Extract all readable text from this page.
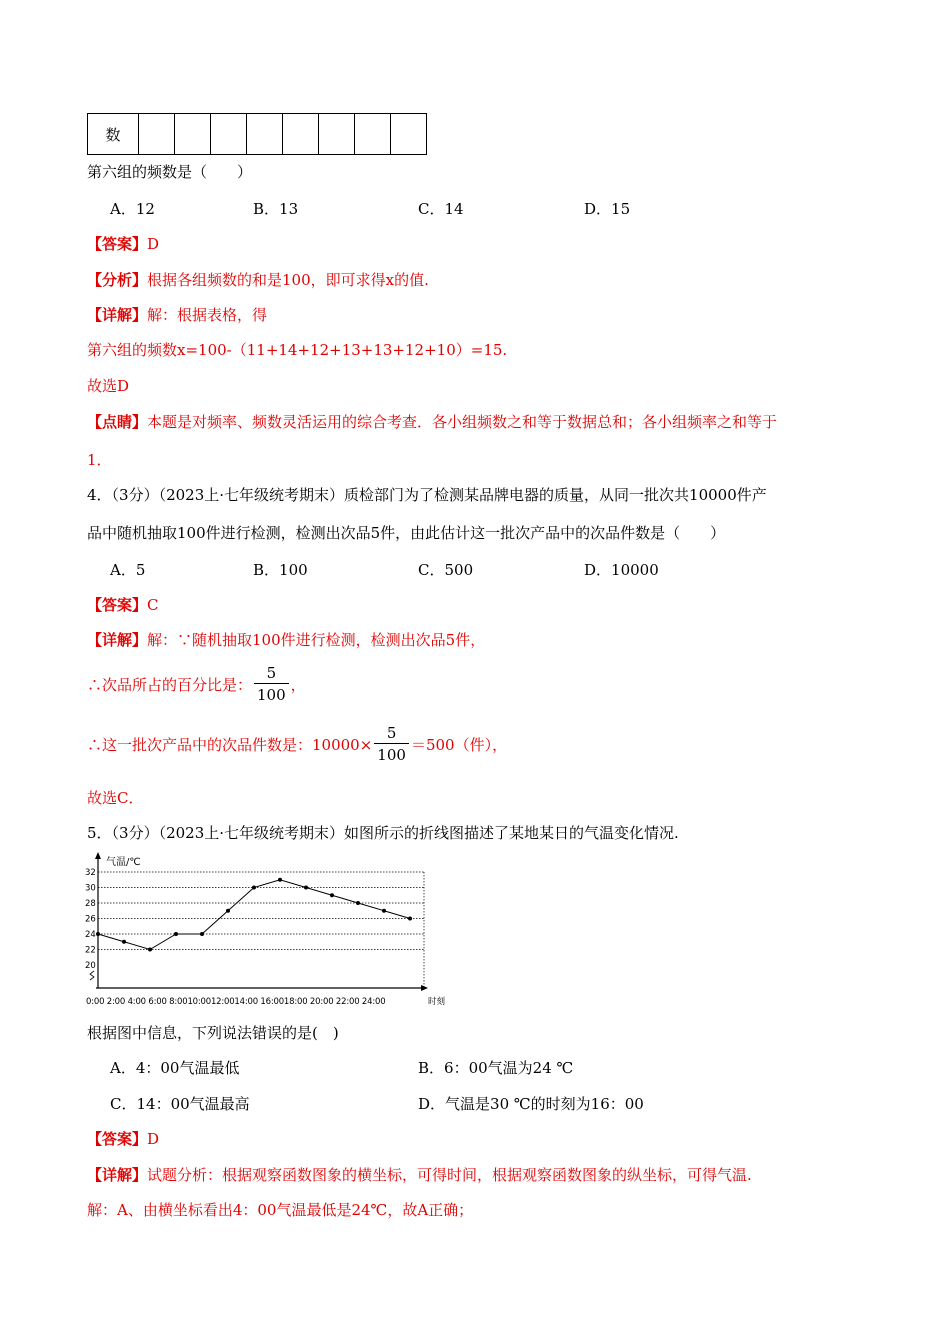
数								
第六组的频数是（　　）
A．12	B．13	C．14	D．15
【答案】D
【分析】根据各组频数的和是100，即可求得x的值.
【详解】解：根据表格，得
第六组的频数x=100-（11+14+12+13+13+12+10）=15.
故选D
【点睛】本题是对频率、频数灵活运用的综合考查．各小组频数之和等于数据总和；各小组频率之和等于
1．
4．（3分）（2023上·七年级统考期末）质检部门为了检测某品牌电器的质量，从同一批次共10000件产
品中随机抽取100件进行检测，检测出次品5件，由此估计这一批次产品中的次品件数是（　　）
A．5	B．100	C．500	D．10000
【答案】C
【详解】解：∵随机抽取100件进行检测，检测出次品5件，
∴次品所占的百分比是： $\frac{5}{100}$ ，
∴这一批次产品中的次品件数是：$10000\times \frac{5}{100} =500$（件），
故选C．
5．（3分）（2023上·七年级统考期末）如图所示的折线图描述了某地某日的气温变化情况.
气温/℃
0:00 2:00 4:00 6:00 8:0010:0012:0014:00 16:0018:00 20:00 22:00 24:00	时刻
20
22
24
26
28
30
32
根据图中信息，下列说法错误的是(　)
A．4：00气温最低	B．6：00气温为24 ℃
C．14：00气温最高	D．气温是30 ℃的时刻为16：00
【答案】D
【详解】试题分析：根据观察函数图象的横坐标，可得时间，根据观察函数图象的纵坐标，可得气温.
解：A、由横坐标看出4：00气温最低是24℃，故A正确；
